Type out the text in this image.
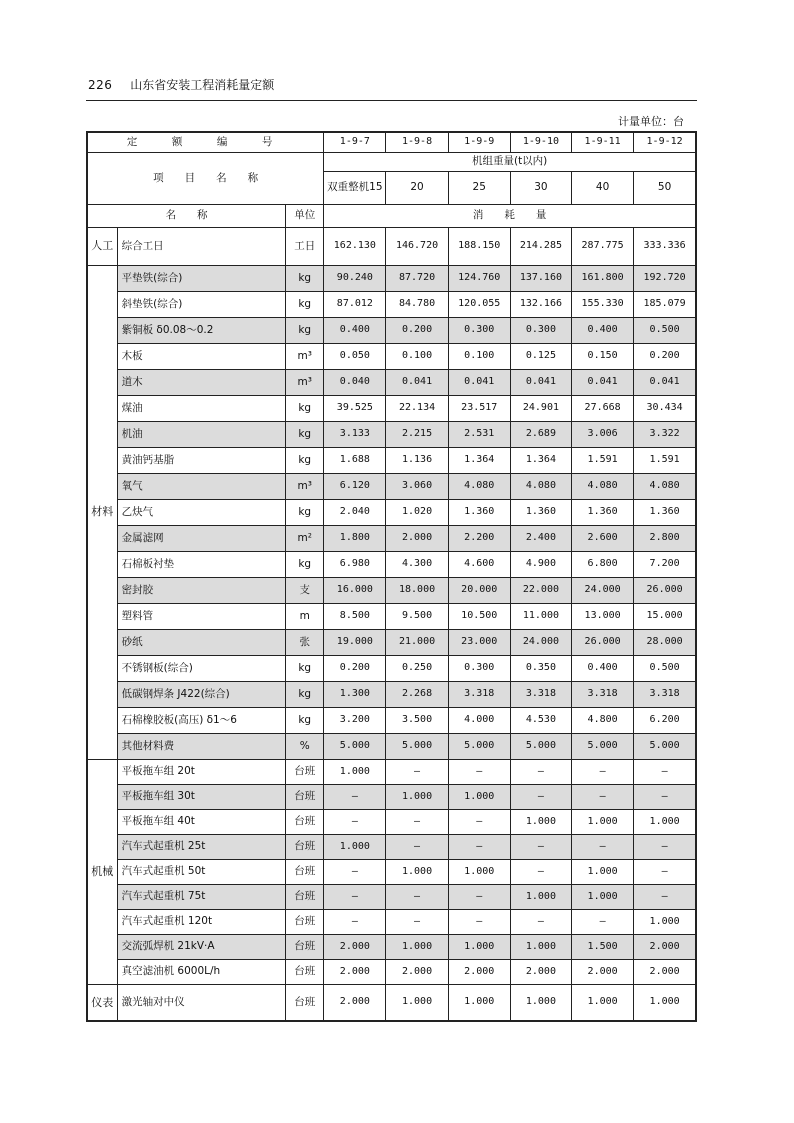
226 山东省安装工程消耗量定额
计量单位：台
定　额　编　号			1-9-7	1-9-8	1-9-9	1-9-10	1-9-11	1-9-12
项　　目　　名　　称			机组重量(t以内)					
			双重整机15	20	25	30	40	50
名　　称		单位	消　　耗　　量					
人工	综合工日	工日	162.130	146.720	188.150	214.285	287.775	333.336
材料	平垫铁(综合)	kg	90.240	87.720	124.760	137.160	161.800	192.720
	斜垫铁(综合)	kg	87.012	84.780	120.055	132.166	155.330	185.079
	紫铜板 δ0.08～0.2	kg	0.400	0.200	0.300	0.300	0.400	0.500
	木板	m³	0.050	0.100	0.100	0.125	0.150	0.200
	道木	m³	0.040	0.041	0.041	0.041	0.041	0.041
	煤油	kg	39.525	22.134	23.517	24.901	27.668	30.434
	机油	kg	3.133	2.215	2.531	2.689	3.006	3.322
	黄油钙基脂	kg	1.688	1.136	1.364	1.364	1.591	1.591
	氧气	m³	6.120	3.060	4.080	4.080	4.080	4.080
	乙炔气	kg	2.040	1.020	1.360	1.360	1.360	1.360
	金属滤网	m²	1.800	2.000	2.200	2.400	2.600	2.800
	石棉板衬垫	kg	6.980	4.300	4.600	4.900	6.800	7.200
	密封胶	支	16.000	18.000	20.000	22.000	24.000	26.000
	塑料管	m	8.500	9.500	10.500	11.000	13.000	15.000
	砂纸	张	19.000	21.000	23.000	24.000	26.000	28.000
	不锈钢板(综合)	kg	0.200	0.250	0.300	0.350	0.400	0.500
	低碳钢焊条 J422(综合)	kg	1.300	2.268	3.318	3.318	3.318	3.318
	石棉橡胶板(高压) δ1～6	kg	3.200	3.500	4.000	4.530	4.800	6.200
	其他材料费	%	5.000	5.000	5.000	5.000	5.000	5.000
机械	平板拖车组 20t	台班	1.000	—	—	—	—	—
	平板拖车组 30t	台班	—	1.000	1.000	—	—	—
	平板拖车组 40t	台班	—	—	—	1.000	1.000	1.000
	汽车式起重机 25t	台班	1.000	—	—	—	—	—
	汽车式起重机 50t	台班	—	1.000	1.000	—	1.000	—
	汽车式起重机 75t	台班	—	—	—	1.000	1.000	—
	汽车式起重机 120t	台班	—	—	—	—	—	1.000
	交流弧焊机 21kV·A	台班	2.000	1.000	1.000	1.000	1.500	2.000
	真空滤油机 6000L/h	台班	2.000	2.000	2.000	2.000	2.000	2.000
仪表	激光轴对中仪	台班	2.000	1.000	1.000	1.000	1.000	1.000
